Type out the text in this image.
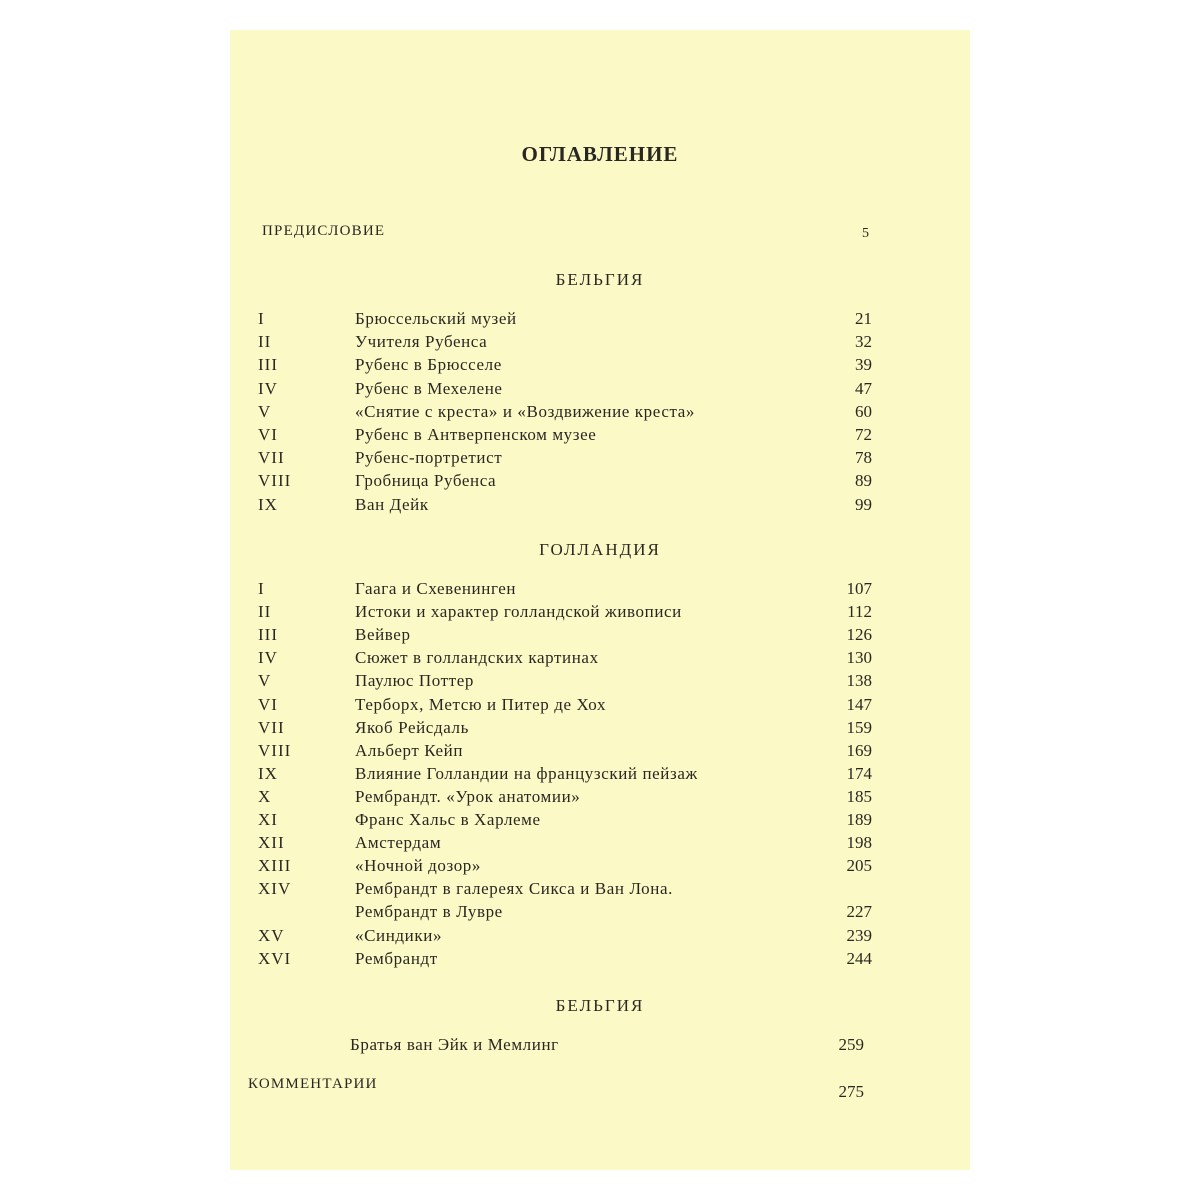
ОГЛАВЛЕНИЕ
ПРЕДИСЛОВИЕ	5
БЕЛЬГИЯ
I	Брюссельский музей	21
II	Учителя Рубенса	32
III	Рубенс в Брюсселе	39
IV	Рубенс в Мехелене	47
V	«Снятие с креста» и «Воздвижение креста»	60
VI	Рубенс в Антверпенском музее	72
VII	Рубенс-портретист	78
VIII	Гробница Рубенса	89
IX	Ван Дейк	99
ГОЛЛАНДИЯ
I	Гаага и Схевенинген	107
II	Истоки и характер голландской живописи	112
III	Вейвер	126
IV	Сюжет в голландских картинах	130
V	Паулюс Поттер	138
VI	Терборх, Метсю и Питер де Хох	147
VII	Якоб Рейсдаль	159
VIII	Альберт Кейп	169
IX	Влияние Голландии на французский пейзаж	174
X	Рембрандт. «Урок анатомии»	185
XI	Франс Хальс в Харлеме	189
XII	Амстердам	198
XIII	«Ночной дозор»	205
XIV	Рембрандт в галереях Сикса и Ван Лона.
Рембрандт в Лувре	227
XV	«Синдики»	239
XVI	Рембрандт	244
БЕЛЬГИЯ
Братья ван Эйк и Мемлинг	259
КОММЕНТАРИИ	275
